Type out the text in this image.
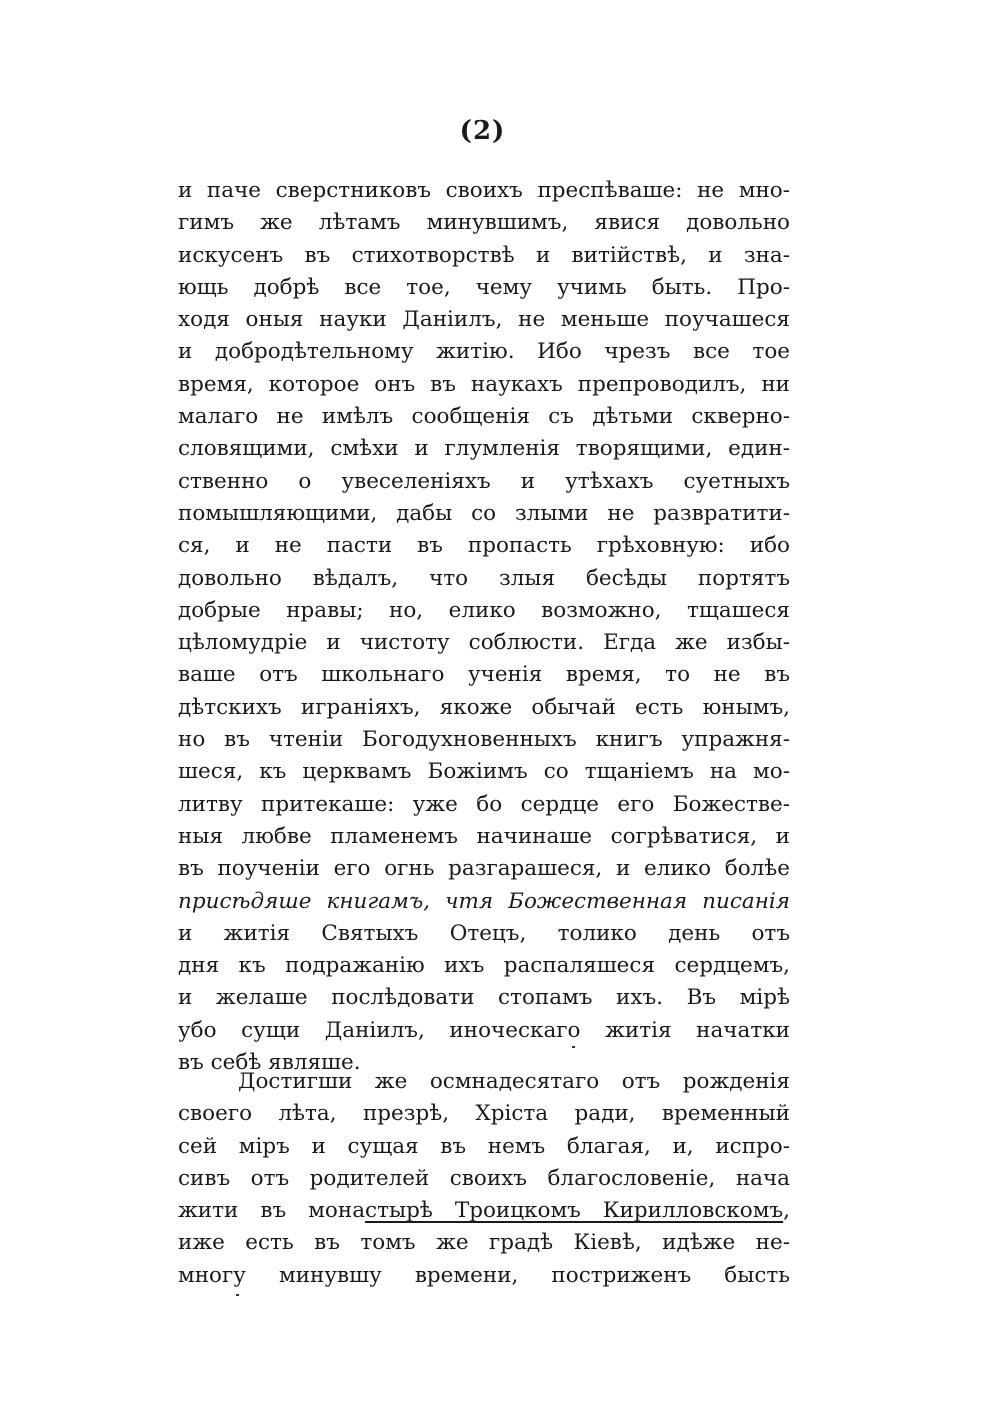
(2)
и паче сверстниковъ своихъ преспѣваше: не мно-
гимъ же лѣтамъ минувшимъ, явися довольно
искусенъ въ стихотворствѣ и витійствѣ, и зна-
ющь добрѣ все тое, чему учимь быть. Про-
ходя оныя науки Даніилъ, не меньше поучашеся
и добродѣтельному житію. Ибо чрезъ все тое
время, которое онъ въ наукахъ препроводилъ, ни
малаго не имѣлъ сообщенія съ дѣтьми скверно-
словящими, смѣхи и глумленія творящими, един-
ственно о увеселеніяхъ и утѣхахъ суетныхъ
помышляющими, дабы со злыми не развратити-
ся, и не пасти въ пропасть грѣховную: ибо
довольно вѣдалъ, что злыя бесѣды портятъ
добрые нравы; но, елико возможно, тщашеся
цѣломудріе и чистоту соблюсти. Егда же избы-
ваше отъ школьнаго ученія время, то не въ
дѣтскихъ играніяхъ, якоже обычай есть юнымъ,
но въ чтеніи Богодухновенныхъ книгъ упражня-
шеся, къ церквамъ Божіимъ со тщаніемъ на мо-
литву притекаше: уже бо сердце его Божестве-
ныя любве пламенемъ начинаше согрѣватися, и
въ поученіи его огнь разгарашеся, и елико болѣе
присѣдяше книгамъ, чтя Божественная писанія
и житія Святыхъ Отецъ, толико день отъ
дня къ подражанію ихъ распаляшеся сердцемъ,
и желаше послѣдовати стопамъ ихъ. Въ мірѣ
убо сущи Даніилъ, иноческаго житія начатки
въ себѣ являше.
Достигши же осмнадесятаго отъ рожденія
своего лѣта, презрѣ, Хріста ради, временный
сей міръ и сущая въ немъ благая, и, испро-
сивъ отъ родителей своихъ благословеніе, нача
жити въ монастырѣ Троицкомъ Кирилловскомъ,
иже есть въ томъ же градѣ Кіевѣ, идѣже не-
многу минувшу времени, постриженъ бысть
